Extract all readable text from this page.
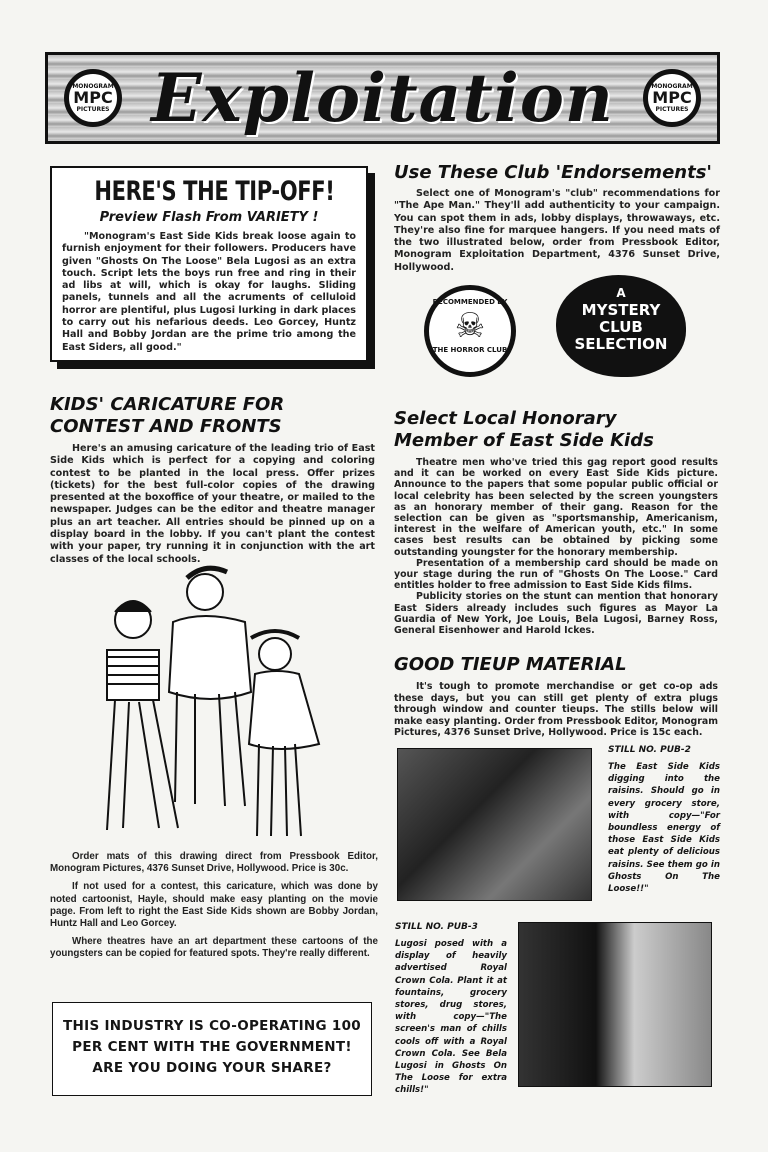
MONOGRAM
MPC
PICTURES Exploitation	MONOGRAM
MPC
PICTURES
HERE'S THE TIP-OFF!
Preview Flash From VARIETY !

"Monogram's East Side Kids break loose again to furnish enjoyment for their followers. Producers have given "Ghosts On The Loose" Bela Lugosi as an extra touch. Script lets the boys run free and ring in their ad libs at will, which is okay for laughs. Sliding panels, tunnels and all the acruments of celluloid horror are plentiful, plus Lugosi lurking in dark places to carry out his nefarious deeds. Leo Gorcey, Huntz Hall and Bobby Jordan are the prime trio among the East Siders, all good."

Use These Club 'Endorsements'

Select one of Monogram's "club" recommendations for "The Ape Man." They'll add authenticity to your campaign. You can spot them in ads, lobby displays, throwaways, etc. They're also fine for marquee hangers. If you need mats of the two illustrated below, order from Pressbook Editor, Monogram Exploitation Department, 4376 Sunset Drive, Hollywood.

RECOMMENDED BY
☠
THE HORROR CLUB
A
MYSTERY
CLUB
SELECTION
KIDS' CARICATURE FOR
CONTEST AND FRONTS

Here's an amusing caricature of the leading trio of East Side Kids which is perfect for a copying and coloring contest to be planted in the local press. Offer prizes (tickets) for the best full-color copies of the drawing presented at the boxoffice of your theatre, or mailed to the newspaper. Judges can be the editor and theatre manager plus an art teacher. All entries should be pinned up on a display board in the lobby. If you can't plant the contest with your paper, try running it in conjunction with the art classes of the local schools.

Order mats of this drawing direct from Pressbook Editor, Monogram Pictures, 4376 Sunset Drive, Hollywood. Price is 30c.

If not used for a contest, this caricature, which was done by noted cartoonist, Hayle, should make easy planting on the movie page. From left to right the East Side Kids shown are Bobby Jordan, Huntz Hall and Leo Gorcey.

Where theatres have an art department these cartoons of the youngsters can be copied for featured spots. They're really different.

Select Local Honorary
Member of East Side Kids

Theatre men who've tried this gag report good results and it can be worked on every East Side Kids picture. Announce to the papers that some popular public official or local celebrity has been selected by the screen youngsters as an honorary member of their gang. Reason for the selection can be given as "sportsmanship, Americanism, interest in the welfare of American youth, etc." In some cases best results can be obtained by picking some outstanding youngster for the honorary membership.

Presentation of a membership card should be made on your stage during the run of "Ghosts On The Loose." Card entitles holder to free admission to East Side Kids films.

Publicity stories on the stunt can mention that honorary East Siders already includes such figures as Mayor La Guardia of New York, Joe Louis, Bela Lugosi, Barney Ross, General Eisenhower and Harold Ickes.

GOOD TIEUP MATERIAL

It's tough to promote merchandise or get co-op ads these days, but you can still get plenty of extra plugs through window and counter tieups. The stills below will make easy planting. Order from Pressbook Editor, Monogram Pictures, 4376 Sunset Drive, Hollywood. Price is 15c each.

STILL NO. PUB-2
The East Side Kids digging into the raisins. Should go in every grocery store, with copy—"For boundless energy of those East Side Kids eat plenty of delicious raisins. See them go in Ghosts On The Loose!!"
STILL NO. PUB-3
Lugosi posed with a display of heavily advertised Royal Crown Cola. Plant it at fountains, grocery stores, drug stores, with copy—"The screen's man of chills cools off with a Royal Crown Cola. See Bela Lugosi in Ghosts On The Loose for extra chills!"
THIS INDUSTRY IS CO-OPERATING 100
PER CENT WITH THE GOVERNMENT!
ARE YOU DOING YOUR SHARE?
